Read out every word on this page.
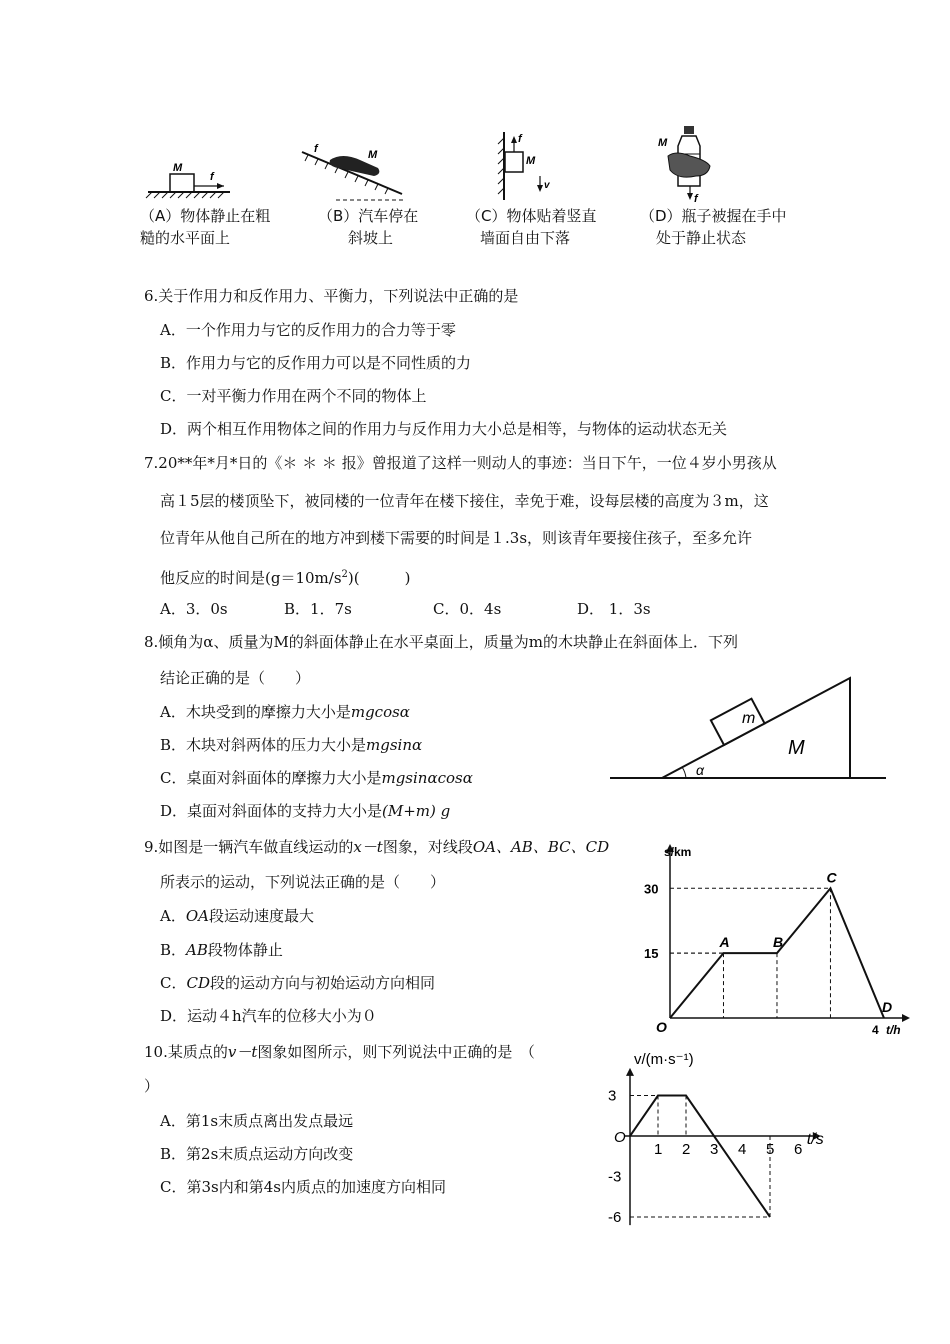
M
f
（A）物体静止在粗
糙的水平面上
f	M
（B）汽车停在
斜坡上
f
M
v
（C）物体贴着竖直
墙面自由下落
M
f
（D）瓶子被握在手中
处于静止状态
6.关于作用力和反作用力、平衡力，下列说法中正确的是
A．一个作用力与它的反作用力的合力等于零
B．作用力与它的反作用力可以是不同性质的力
C．一对平衡力作用在两个不同的物体上
D．两个相互作用物体之间的作用力与反作用力大小总是相等，与物体的运动状态无关
7.20**年*月*日的《＊ ＊ ＊ 报》曾报道了这样一则动人的事迹：当日下午，一位４岁小男孩从
高１5层的楼顶坠下，被同楼的一位青年在楼下接住，幸免于难，设每层楼的高度为３m，这
位青年从他自己所在的地方冲到楼下需要的时间是１.3s，则该青年要接住孩子，至多允许
他反应的时间是$(g=10m/s^2)$(　　　)
A．3．0s	B．1．7s	C．0．4s	D． 1．3s
8.倾角为α、质量为M的斜面体静止在水平桌面上，质量为m的木块静止在斜面体上．下列
结论正确的是（　　）
A．木块受到的摩擦力大小是mgcosα
B．木块对斜两体的压力大小是mgsinα
C．桌面对斜面体的摩擦力大小是mgsinαcosα
D．桌面对斜面体的支持力大小是(M+m) g
m
M
α
9.如图是一辆汽车做直线运动的x－t图象，对线段OA、AB、BC、CD
所表示的运动，下列说法正确的是（　　）
A．OA段运动速度最大
B．AB段物体静止
C．CD段的运动方向与初始运动方向相同
D．运动４h汽车的位移大小为０
s/km
t/h
15
30
4
O
A	B
C
D
10.某质点的v－t图象如图所示，则下列说法中正确的是　（
）
A．第1s末质点离出发点最远
B．第2s末质点运动方向改变
C．第3s内和第4s内质点的加速度方向相同
v/(m·s⁻¹)
t/s
O
3
-3
-6
1 2 3 4 5 6
